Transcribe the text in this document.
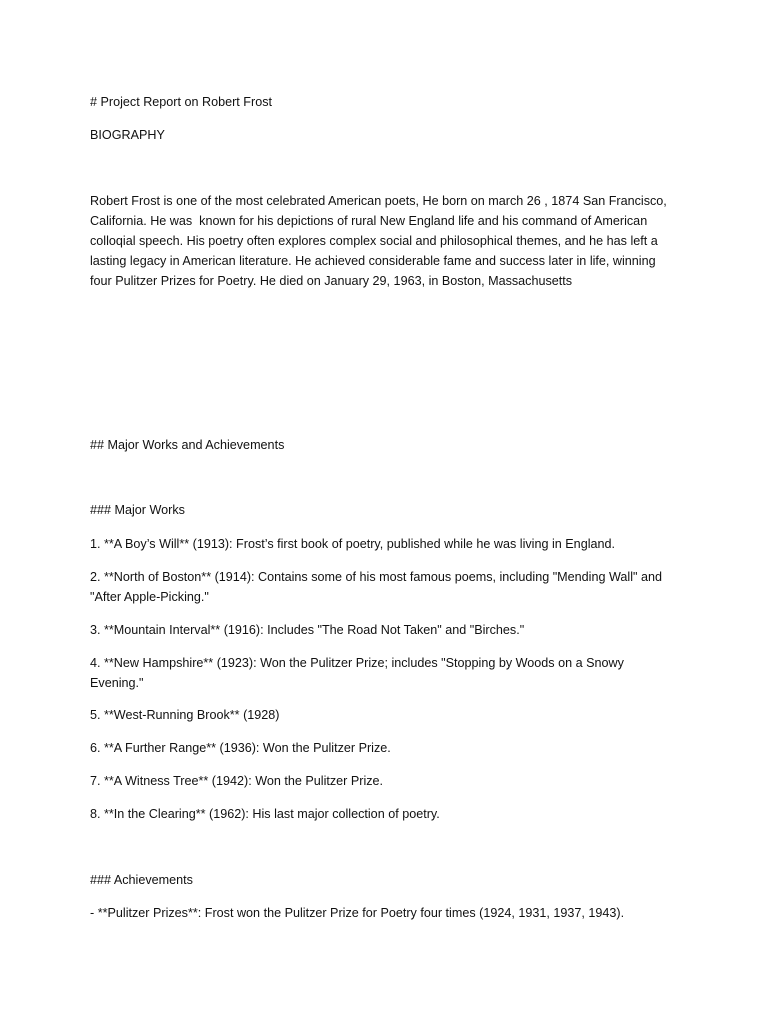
# Project Report on Robert Frost
BIOGRAPHY
Robert Frost is one of the most celebrated American poets, He born on march 26 , 1874 San Francisco,
California. He was  known for his depictions of rural New England life and his command of American
colloqial speech. His poetry often explores complex social and philosophical themes, and he has left a
lasting legacy in American literature. He achieved considerable fame and success later in life, winning
four Pulitzer Prizes for Poetry. He died on January 29, 1963, in Boston, Massachusetts
## Major Works and Achievements
### Major Works
1. **A Boy’s Will** (1913): Frost’s first book of poetry, published while he was living in England.
2. **North of Boston** (1914): Contains some of his most famous poems, including "Mending Wall" and
"After Apple-Picking."
3. **Mountain Interval** (1916): Includes "The Road Not Taken" and "Birches."
4. **New Hampshire** (1923): Won the Pulitzer Prize; includes "Stopping by Woods on a Snowy
Evening."
5. **West-Running Brook** (1928)
6. **A Further Range** (1936): Won the Pulitzer Prize.
7. **A Witness Tree** (1942): Won the Pulitzer Prize.
8. **In the Clearing** (1962): His last major collection of poetry.
### Achievements
- **Pulitzer Prizes**: Frost won the Pulitzer Prize for Poetry four times (1924, 1931, 1937, 1943).
